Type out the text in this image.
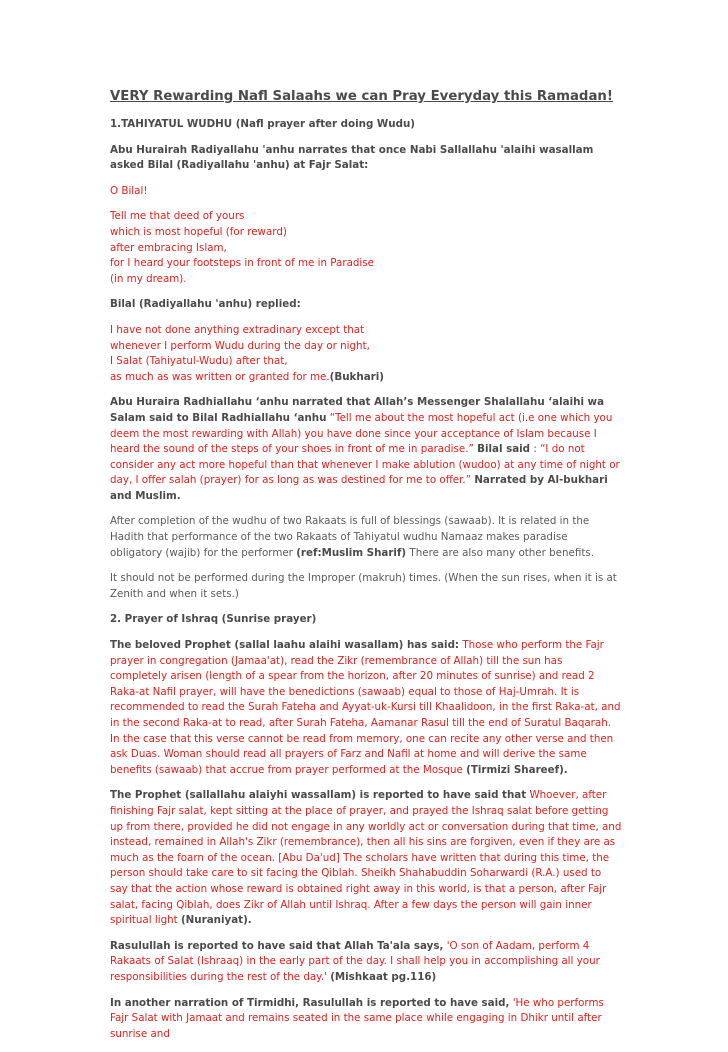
VERY Rewarding Nafl Salaahs we can Pray Everyday this Ramadan!

1.TAHIYATUL WUDHU (Nafl prayer after doing Wudu)

Abu Hurairah Radiyallahu 'anhu narrates that once Nabi Sallallahu 'alaihi wasallam asked Bilal (Radiyallahu 'anhu) at Fajr Salat:

O Bilal!

Tell me that deed of yours
which is most hopeful (for reward)
after embracing Islam,
for I heard your footsteps in front of me in Paradise
(in my dream).

Bilal (Radiyallahu 'anhu) replied:

I have not done anything extradinary except that
whenever I perform Wudu during the day or night,
I Salat (Tahiyatul-Wudu) after that,
as much as was written or granted for me.(Bukhari)

Abu Huraira Radhiallahu ‘anhu narrated that Allah’s Messenger Shalallahu ‘alaihi wa Salam said to Bilal Radhiallahu ‘anhu “Tell me about the most hopeful act (i.e one which you deem the most rewarding with Allah) you have done since your acceptance of Islam because I heard the sound of the steps of your shoes in front of me in paradise.” Bilal said : “I do not consider any act more hopeful than that whenever I make ablution (wudoo) at any time of night or day, I offer salah (prayer) for as long as was destined for me to offer.” Narrated by Al-bukhari and Muslim.

After completion of the wudhu of two Rakaats is full of blessings (sawaab). It is related in the Hadith that performance of the two Rakaats of Tahiyatul wudhu Namaaz makes paradise obligatory (wajib) for the performer (ref:Muslim Sharif) There are also many other benefits.

It should not be performed during the Improper (makruh) times. (When the sun rises, when it is at Zenith and when it sets.)

2. Prayer of Ishraq (Sunrise prayer)

The beloved Prophet (sallal laahu alaihi wasallam) has said: Those who perform the Fajr prayer in congregation (Jamaa'at), read the Zikr (remembrance of Allah) till the sun has completely arisen (length of a spear from the horizon, after 20 minutes of sunrise) and read 2 Raka-at Nafil prayer, will have the benedictions (sawaab) equal to those of Haj-Umrah. It is recommended to read the Surah Fateha and Ayyat-uk-Kursi till Khaalidoon, in the first Raka-at, and in the second Raka-at to read, after Surah Fateha, Aamanar Rasul till the end of Suratul Baqarah. In the case that this verse cannot be read from memory, one can recite any other verse and then ask Duas. Woman should read all prayers of Farz and Nafil at home and will derive the same benefits (sawaab) that accrue from prayer performed at the Mosque (Tirmizi Shareef).

The Prophet (sallallahu alaiyhi wassallam) is reported to have said that Whoever, after finishing Fajr salat, kept sitting at the place of prayer, and prayed the Ishraq salat before getting up from there, provided he did not engage in any worldly act or conversation during that time, and instead, remained in Allah's Zikr (remembrance), then all his sins are forgiven, even if they are as much as the foarn of the ocean. [Abu Da'ud] The scholars have written that during this time, the person should take care to sit facing the Qiblah. Sheikh Shahabuddin Soharwardi (R.A.) used to say that the action whose reward is obtained right away in this world, is that a person, after Fajr salat, facing Qiblah, does Zikr of Allah until Ishraq. After a few days the person will gain inner spiritual light (Nuraniyat).

Rasulullah is reported to have said that Allah Ta'ala says, 'O son of Aadam, perform 4 Rakaats of Salat (Ishraaq) in the early part of the day. I shall help you in accomplishing all your responsibilities during the rest of the day.' (Mishkaat pg.116)

In another narration of Tirmidhi, Rasulullah is reported to have said, 'He who performs Fajr Salat with Jamaat and remains seated in the same place while engaging in Dhikr until after sunrise and
